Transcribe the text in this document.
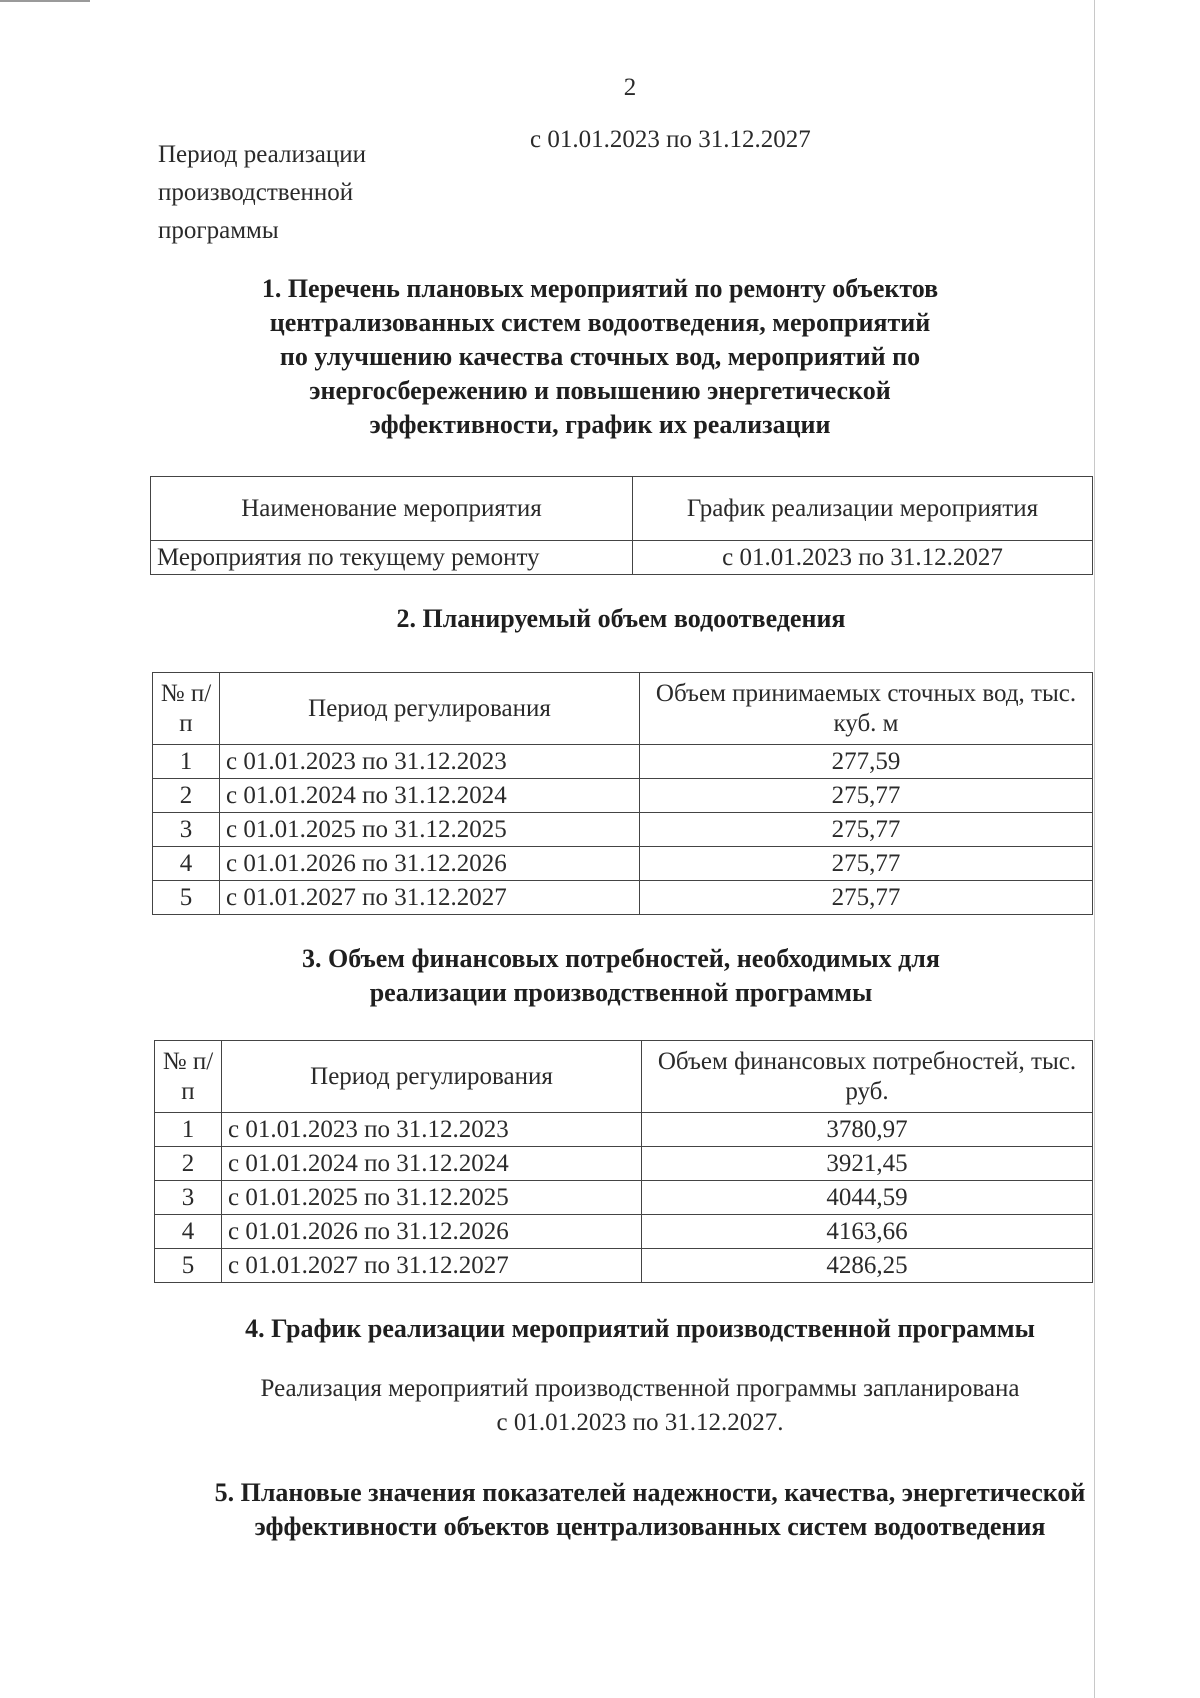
2
Период реализации
производственной
программы
с 01.01.2023 по 31.12.2027
1. Перечень плановых мероприятий по ремонту объектов
централизованных систем водоотведения, мероприятий
по улучшению качества сточных вод, мероприятий по
энергосбережению и повышению энергетической
эффективности, график их реализации
Наименование мероприятия	График реализации мероприятия
Мероприятия по текущему ремонту	с 01.01.2023 по 31.12.2027
2. Планируемый объем водоотведения
№ п/п	Период регулирования	Объем принимаемых сточных вод, тыс. куб. м
1	с 01.01.2023 по 31.12.2023	277,59
2	с 01.01.2024 по 31.12.2024	275,77
3	с 01.01.2025 по 31.12.2025	275,77
4	с 01.01.2026 по 31.12.2026	275,77
5	с 01.01.2027 по 31.12.2027	275,77
3. Объем финансовых потребностей, необходимых для
реализации производственной программы
№ п/п	Период регулирования	Объем финансовых потребностей, тыс. руб.
1	с 01.01.2023 по 31.12.2023	3780,97
2	с 01.01.2024 по 31.12.2024	3921,45
3	с 01.01.2025 по 31.12.2025	4044,59
4	с 01.01.2026 по 31.12.2026	4163,66
5	с 01.01.2027 по 31.12.2027	4286,25
4. График реализации мероприятий производственной программы
Реализация мероприятий производственной программы запланирована
с 01.01.2023 по 31.12.2027.
5. Плановые значения показателей надежности, качества, энергетической
эффективности объектов централизованных систем водоотведения
